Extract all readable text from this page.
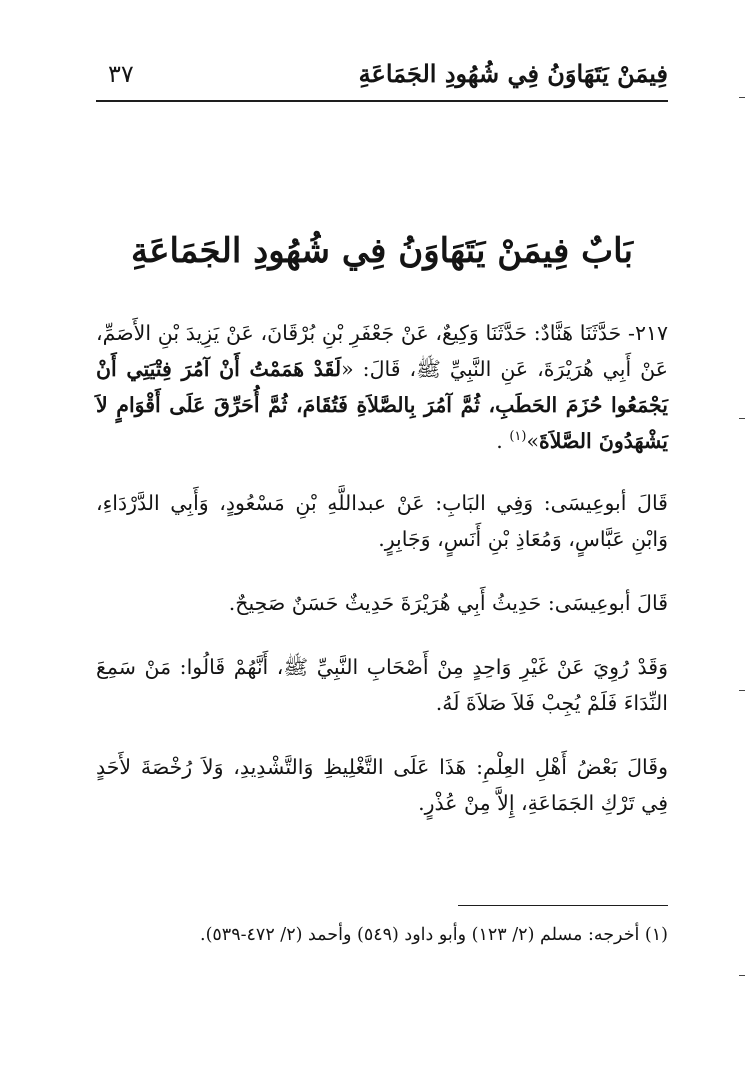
فِيمَنْ يَتَهَاوَنُ فِي شُهُودِ الجَمَاعَةِ
٣٧
بَابٌ فِيمَنْ يَتَهَاوَنُ فِي شُهُودِ الجَمَاعَةِ

٢١٧- حَدَّثَنَا هَنَّادٌ: حَدَّثَنَا وَكِيعٌ، عَنْ جَعْفَرِ بْنِ بُرْقَانَ، عَنْ يَزِيدَ بْنِ الأَصَمِّ، عَنْ أَبِي هُرَيْرَةَ، عَنِ النَّبِيِّ ﷺ، قَالَ: «لَقَدْ هَمَمْتُ أَنْ آمُرَ فِتْيَتِي أَنْ يَجْمَعُوا حُزَمَ الحَطَبِ، ثُمَّ آمُرَ بِالصَّلاَةِ فَتُقَامَ، ثُمَّ أُحَرِّقَ عَلَى أَقْوَامٍ لاَ يَشْهَدُونَ الصَّلاَةَ»$^{(١)}$ .

قَالَ أبوعِيسَى: وَفِي البَابِ: عَنْ عبداللَّهِ بْنِ مَسْعُودٍ، وَأَبِي الدَّرْدَاءِ، وَابْنِ عَبَّاسٍ، وَمُعَاذِ بْنِ أَنَسٍ، وَجَابِرٍ.

قَالَ أبوعِيسَى: حَدِيثُ أَبِي هُرَيْرَةَ حَدِيثٌ حَسَنٌ صَحِيحٌ.

وَقَدْ رُوِيَ عَنْ غَيْرِ وَاحِدٍ مِنْ أَصْحَابِ النَّبِيِّ ﷺ، أَنَّهُمْ قَالُوا: مَنْ سَمِعَ النِّدَاءَ فَلَمْ يُجِبْ فَلاَ صَلاَةَ لَهُ.

وقَالَ بَعْضُ أَهْلِ العِلْمِ: هَذَا عَلَى التَّغْلِيظِ وَالتَّشْدِيدِ، وَلاَ رُخْصَةَ لأَحَدٍ فِي تَرْكِ الجَمَاعَةِ، إِلاَّ مِنْ عُذْرٍ.

(١) أخرجه: مسلم (٢/ ١٢٣) وأبو داود (٥٤٩) وأحمد (٢/ ٤٧٢-٥٣٩).
